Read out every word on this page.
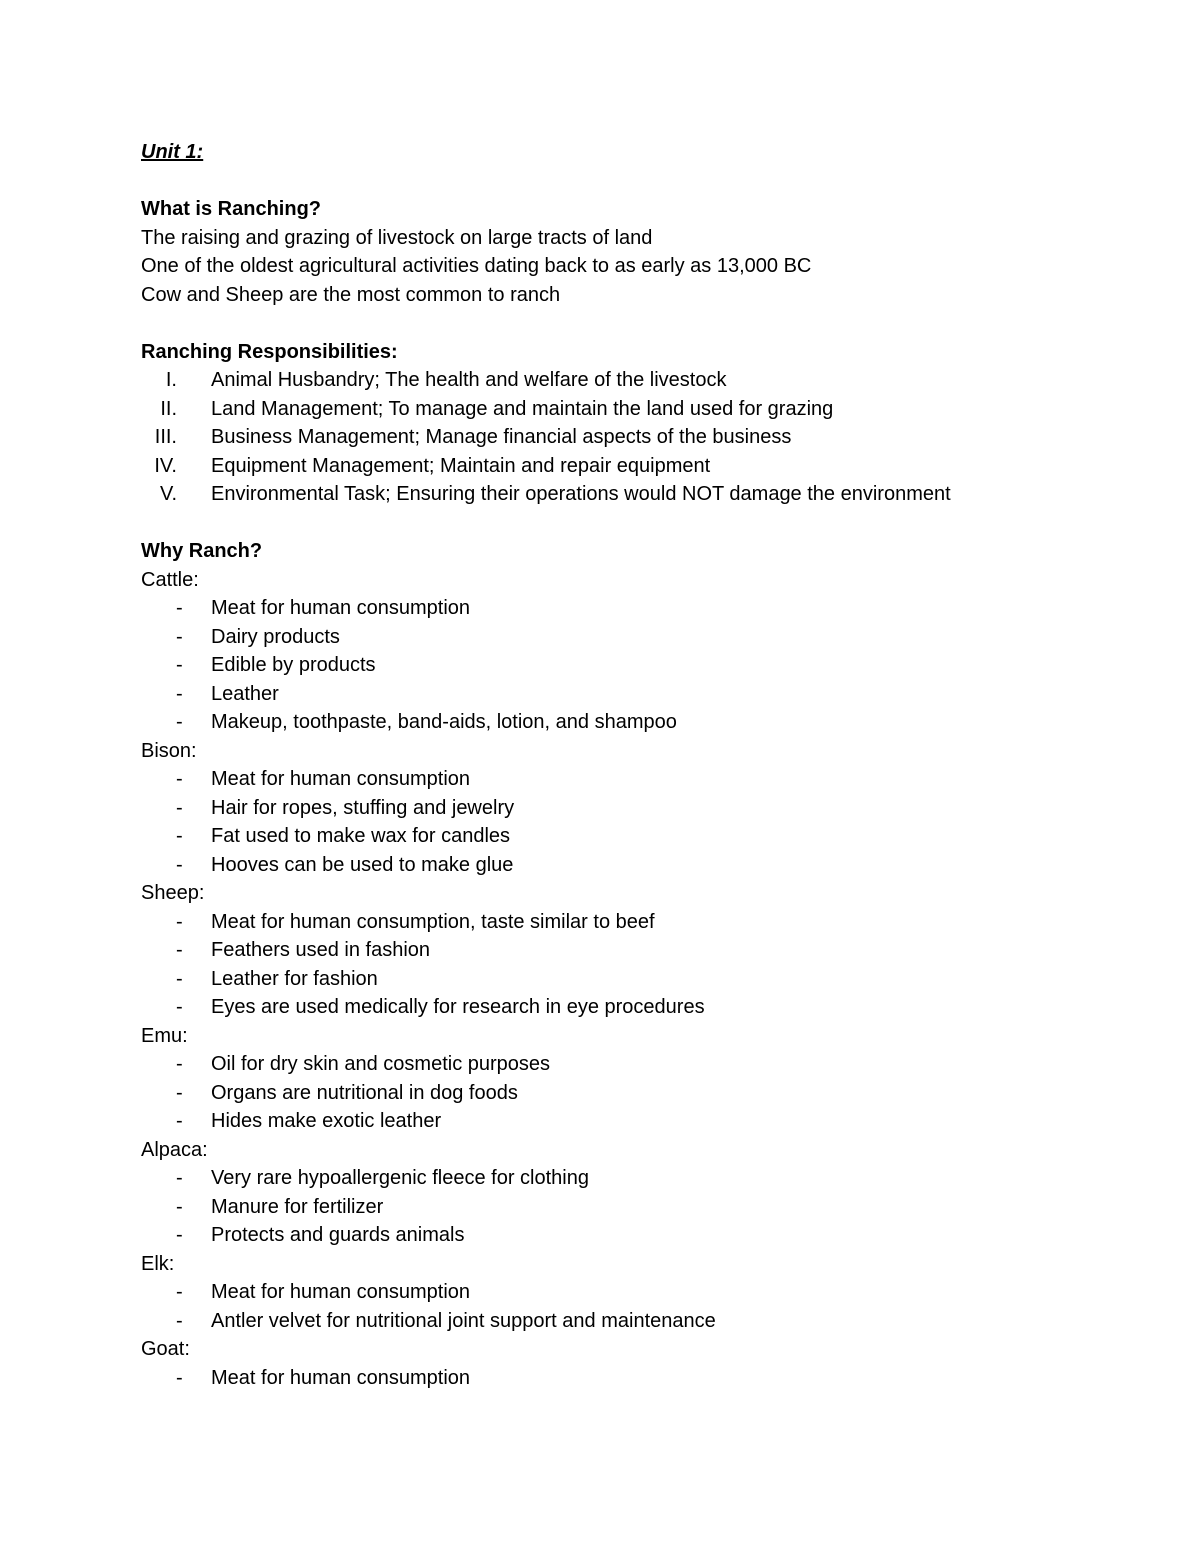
Unit 1:

What is Ranching?

The raising and grazing of livestock on large tracts of land

One of the oldest agricultural activities dating back to as early as 13,000 BC

Cow and Sheep are the most common to ranch

Ranching Responsibilities:

I. Animal Husbandry; The health and welfare of the livestock
II. Land Management; To manage and maintain the land used for grazing
III. Business Management; Manage financial aspects of the business
IV. Equipment Management; Maintain and repair equipment
V. Environmental Task; Ensuring their operations would NOT damage the environment

Why Ranch?

Cattle:

- Meat for human consumption
- Dairy products
- Edible by products
- Leather
- Makeup, toothpaste, band-aids, lotion, and shampoo

Bison:

- Meat for human consumption
- Hair for ropes, stuffing and jewelry
- Fat used to make wax for candles
- Hooves can be used to make glue

Sheep:

- Meat for human consumption, taste similar to beef
- Feathers used in fashion
- Leather for fashion
- Eyes are used medically for research in eye procedures

Emu:

- Oil for dry skin and cosmetic purposes
- Organs are nutritional in dog foods
- Hides make exotic leather

Alpaca:

- Very rare hypoallergenic fleece for clothing
- Manure for fertilizer
- Protects and guards animals

Elk:

- Meat for human consumption
- Antler velvet for nutritional joint support and maintenance

Goat:

- Meat for human consumption
